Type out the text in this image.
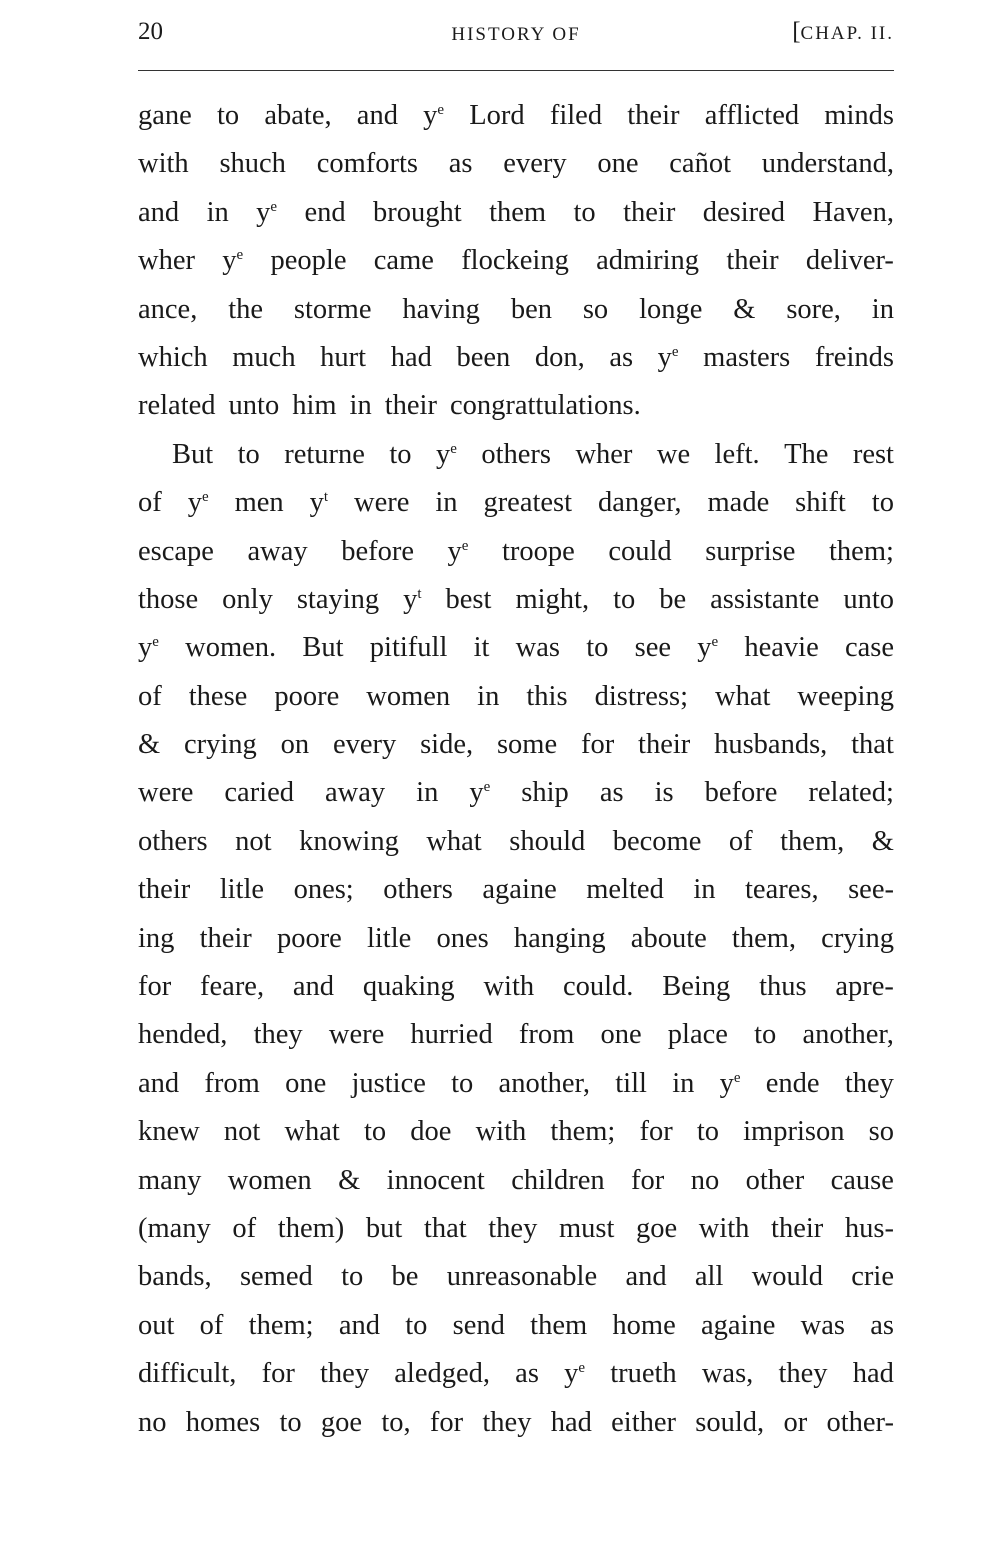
20	HISTORY OF	[CHAP. II.
gane to abate, and $y^e$ Lord filed their afflicted minds
with shuch comforts as every one cañot understand,
and in $y^e$ end brought them to their desired Haven,
wher $y^e$ people came flockeing admiring their deliver-
ance, the storme having ben so longe & sore, in
which much hurt had been don, as $y^e$ masters freinds
related unto him in their congrattulations.
But to returne to $y^e$ others wher we left. The rest
of $y^e$ men $y^t$ were in greatest danger, made shift to
escape away before $y^e$ troope could surprise them;
those only staying $y^t$ best might, to be assistante unto
$y^e$ women. But pitifull it was to see $y^e$ heavie case
of these poore women in this distress; what weeping
& crying on every side, some for their husbands, that
were caried away in $y^e$ ship as is before related;
others not knowing what should become of them, &
their litle ones; others againe melted in teares, see-
ing their poore litle ones hanging aboute them, crying
for feare, and quaking with could. Being thus apre-
hended, they were hurried from one place to another,
and from one justice to another, till in $y^e$ ende they
knew not what to doe with them; for to imprison so
many women & innocent children for no other cause
(many of them) but that they must goe with their hus-
bands, semed to be unreasonable and all would crie
out of them; and to send them home againe was as
difficult, for they aledged, as $y^e$ trueth was, they had
no homes to goe to, for they had either sould, or other-
